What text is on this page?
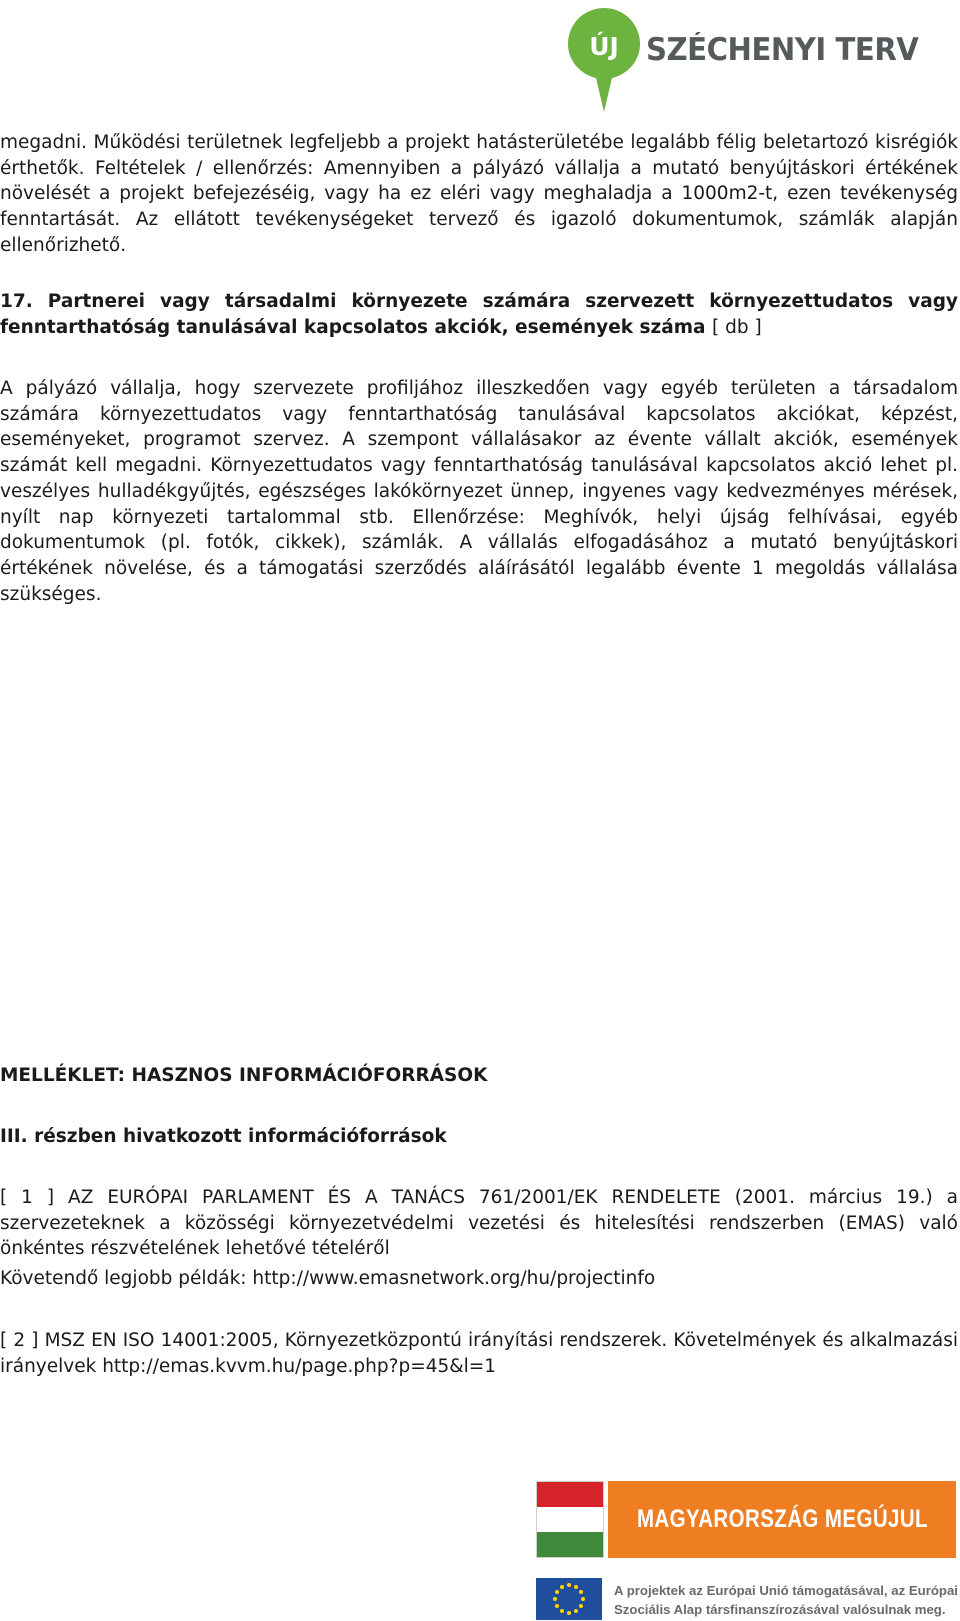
ÚJ SZÉCHENYI TERV
megadni. Működési területnek legfeljebb a projekt hatásterületébe legalább félig beletartozó kisrégiók érthetők. Feltételek / ellenőrzés: Amennyiben a pályázó vállalja a mutató benyújtáskori értékének növelését a projekt befejezéséig, vagy ha ez eléri vagy meghaladja a 1000m2-t, ezen tevékenység fenntartását. Az ellátott tevékenységeket tervező és igazoló dokumentumok, számlák alapján ellenőrizhető.
17. Partnerei vagy társadalmi környezete számára szervezett környezettudatos vagy fenntarthatóság tanulásával kapcsolatos akciók, események száma [ db ]
A pályázó vállalja, hogy szervezete profiljához illeszkedően vagy egyéb területen a társadalom számára környezettudatos vagy fenntarthatóság tanulásával kapcsolatos akciókat, képzést, eseményeket, programot szervez. A szempont vállalásakor az évente vállalt akciók, események számát kell megadni. Környezettudatos vagy fenntarthatóság tanulásával kapcsolatos akció lehet pl. veszélyes hulladékgyűjtés, egészséges lakókörnyezet ünnep, ingyenes vagy kedvezményes mérések, nyílt nap környezeti tartalommal stb. Ellenőrzése: Meghívók, helyi újság felhívásai, egyéb dokumentumok (pl. fotók, cikkek), számlák. A vállalás elfogadásához a mutató benyújtáskori értékének növelése, és a támogatási szerződés aláírásától legalább évente 1 megoldás vállalása szükséges.
MELLÉKLET: HASZNOS INFORMÁCIÓFORRÁSOK
III. részben hivatkozott információforrások
[ 1 ] AZ EURÓPAI PARLAMENT ÉS A TANÁCS 761/2001/EK RENDELETE (2001. március 19.) a szervezeteknek a közösségi környezetvédelmi vezetési és hitelesítési rendszerben (EMAS) való önkéntes részvételének lehetővé tételéről
Követendő legjobb példák: http://www.emasnetwork.org/hu/projectinfo
[ 2 ] MSZ EN ISO 14001:2005, Környezetközpontú irányítási rendszerek. Követelmények és alkalmazási irányelvek http://emas.kvvm.hu/page.php?p=45&l=1
MAGYARORSZÁG MEGÚJUL
A projektek az Európai Unió támogatásával, az Európai
Szociális Alap társfinanszírozásával valósulnak meg.
